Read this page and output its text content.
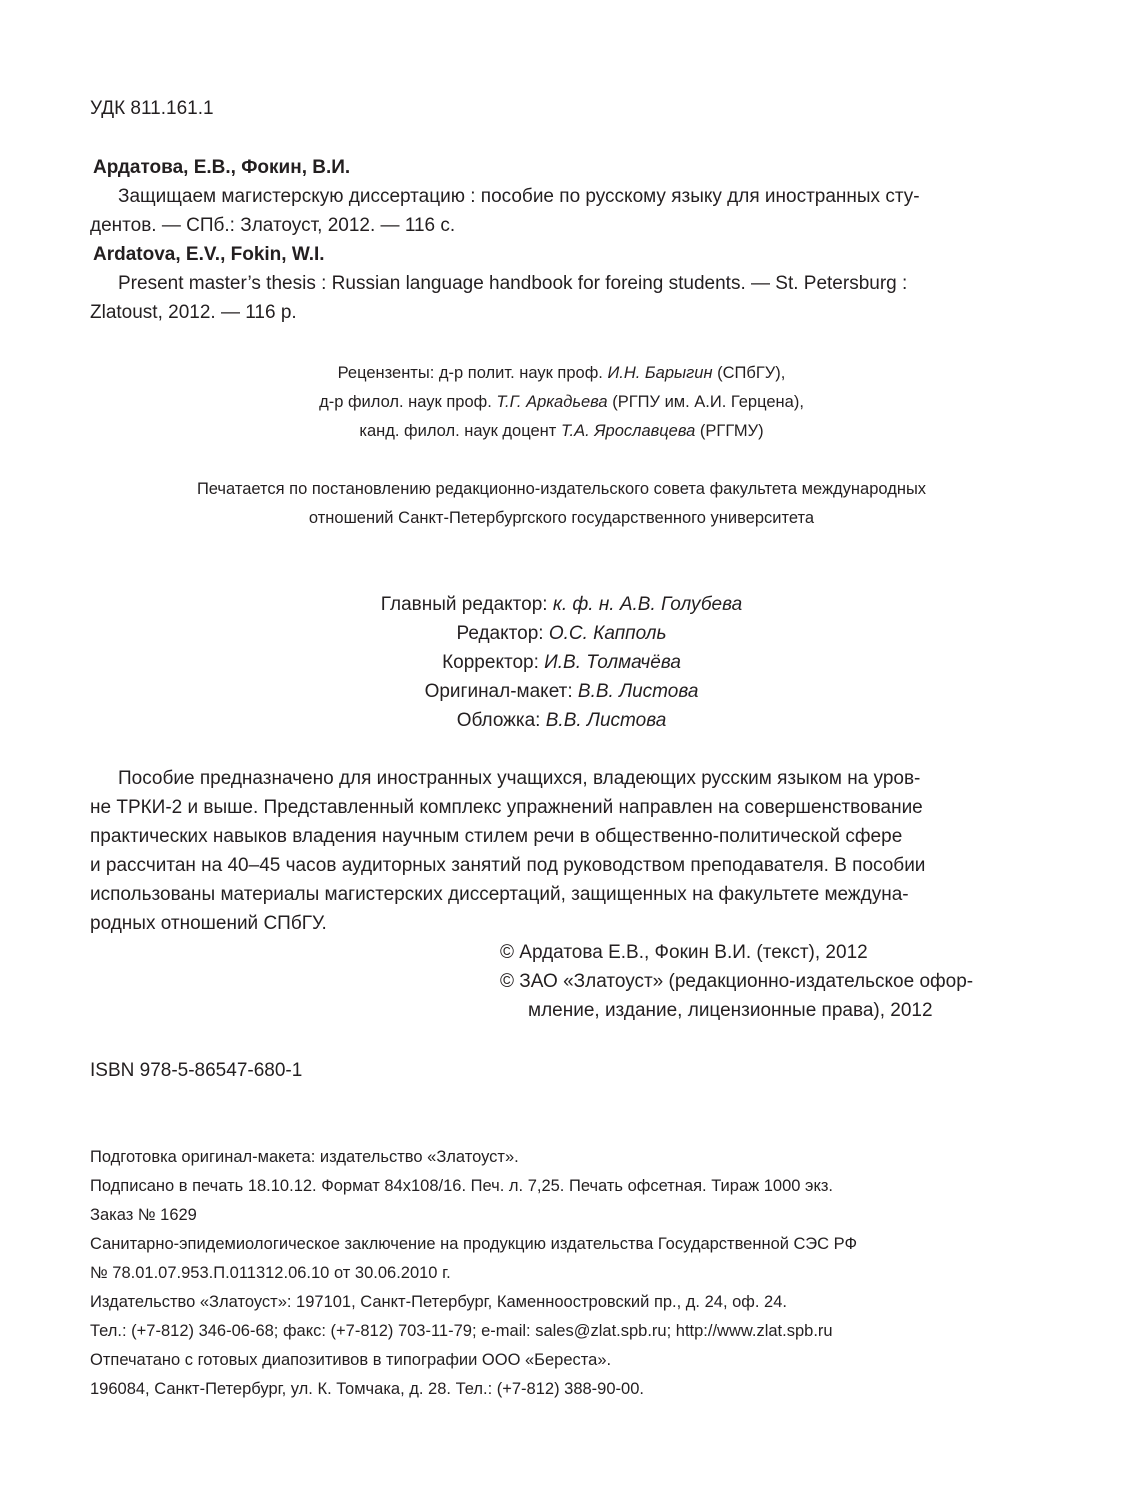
УДК 811.161.1
Ардатова, Е.В., Фокин, В.И.
Защищаем магистерскую диссертацию : пособие по русскому языку для иностранных сту-
дентов. — СПб.: Златоуст, 2012. — 116 с.
Ardatova, E.V., Fokin, W.I.
Present master’s thesis : Russian language handbook for foreing students. — St. Petersburg :
Zlatoust, 2012. — 116 p.
Рецензенты: д-р полит. наук проф. И.Н. Барыгин (СПбГУ),
д-р филол. наук проф. Т.Г. Аркадьева (РГПУ им. А.И. Герцена),
канд. филол. наук доцент Т.А. Ярославцева (РГГМУ)
Печатается по постановлению редакционно-издательского совета факультета международных
отношений Санкт-Петербургского государственного университета
Главный редактор: к. ф. н. А.В. Голубева
Редактор: О.С. Капполь
Корректор: И.В. Толмачёва
Оригинал-макет: В.В. Листова
Обложка: В.В. Листова
Пособие предназначено для иностранных учащихся, владеющих русским языком на уров-
не ТРКИ-2 и выше. Представленный комплекс упражнений направлен на совершенствование
практических навыков владения научным стилем речи в общественно-политической сфере
и рассчитан на 40–45 часов аудиторных занятий под руководством преподавателя. В пособии
использованы материалы магистерских диссертаций, защищенных на факультете междуна-
родных отношений СПбГУ.
© Ардатова Е.В., Фокин В.И. (текст), 2012
© ЗАО «Златоуст» (редакционно-издательское офор-
мление, издание, лицензионные права), 2012
ISBN 978-5-86547-680-1
Подготовка оригинал-макета: издательство «Златоуст».
Подписано в печать 18.10.12. Формат 84х108/16. Печ. л. 7,25. Печать офсетная. Тираж 1000 экз.
Заказ № 1629
Санитарно-эпидемиологическое заключение на продукцию издательства Государственной СЭС РФ
№ 78.01.07.953.П.011312.06.10 от 30.06.2010 г.
Издательство «Златоуст»: 197101, Санкт-Петербург, Каменноостровский пр., д. 24, оф. 24.
Тел.: (+7-812) 346-06-68; факс: (+7-812) 703-11-79; e-mail: sales@zlat.spb.ru; http://www.zlat.spb.ru
Отпечатано с готовых диапозитивов в типографии ООО «Береста».
196084, Санкт-Петербург, ул. К. Томчака, д. 28. Тел.: (+7-812) 388-90-00.
